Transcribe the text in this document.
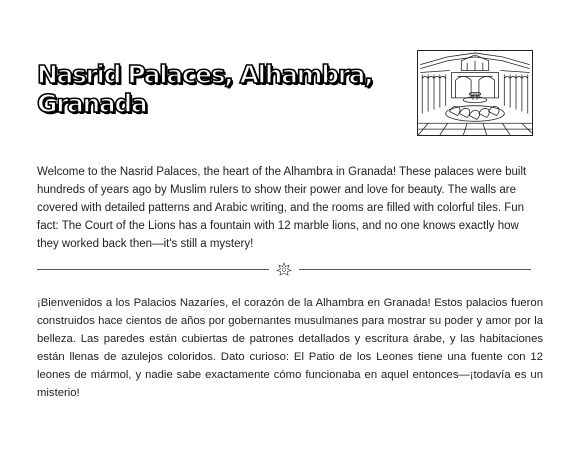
Nasrid Palaces, Alhambra, Granada

Welcome to the Nasrid Palaces, the heart of the Alhambra in Granada! These palaces were built hundreds of years ago by Muslim rulers to show their power and love for beauty. The walls are covered with detailed patterns and Arabic writing, and the rooms are filled with colorful tiles. Fun fact: The Court of the Lions has a fountain with 12 marble lions, and no one knows exactly how they worked back then—it's still a mystery!

¡Bienvenidos a los Palacios Nazaríes, el corazón de la Alhambra en Granada! Estos palacios fueron construidos hace cientos de años por gobernantes musulmanes para mostrar su poder y amor por la belleza. Las paredes están cubiertas de patrones detallados y escritura árabe, y las habitaciones están llenas de azulejos coloridos. Dato curioso: El Patio de los Leones tiene una fuente con 12 leones de mármol, y nadie sabe exactamente cómo funcionaba en aquel entonces—¡todavía es un misterio!
